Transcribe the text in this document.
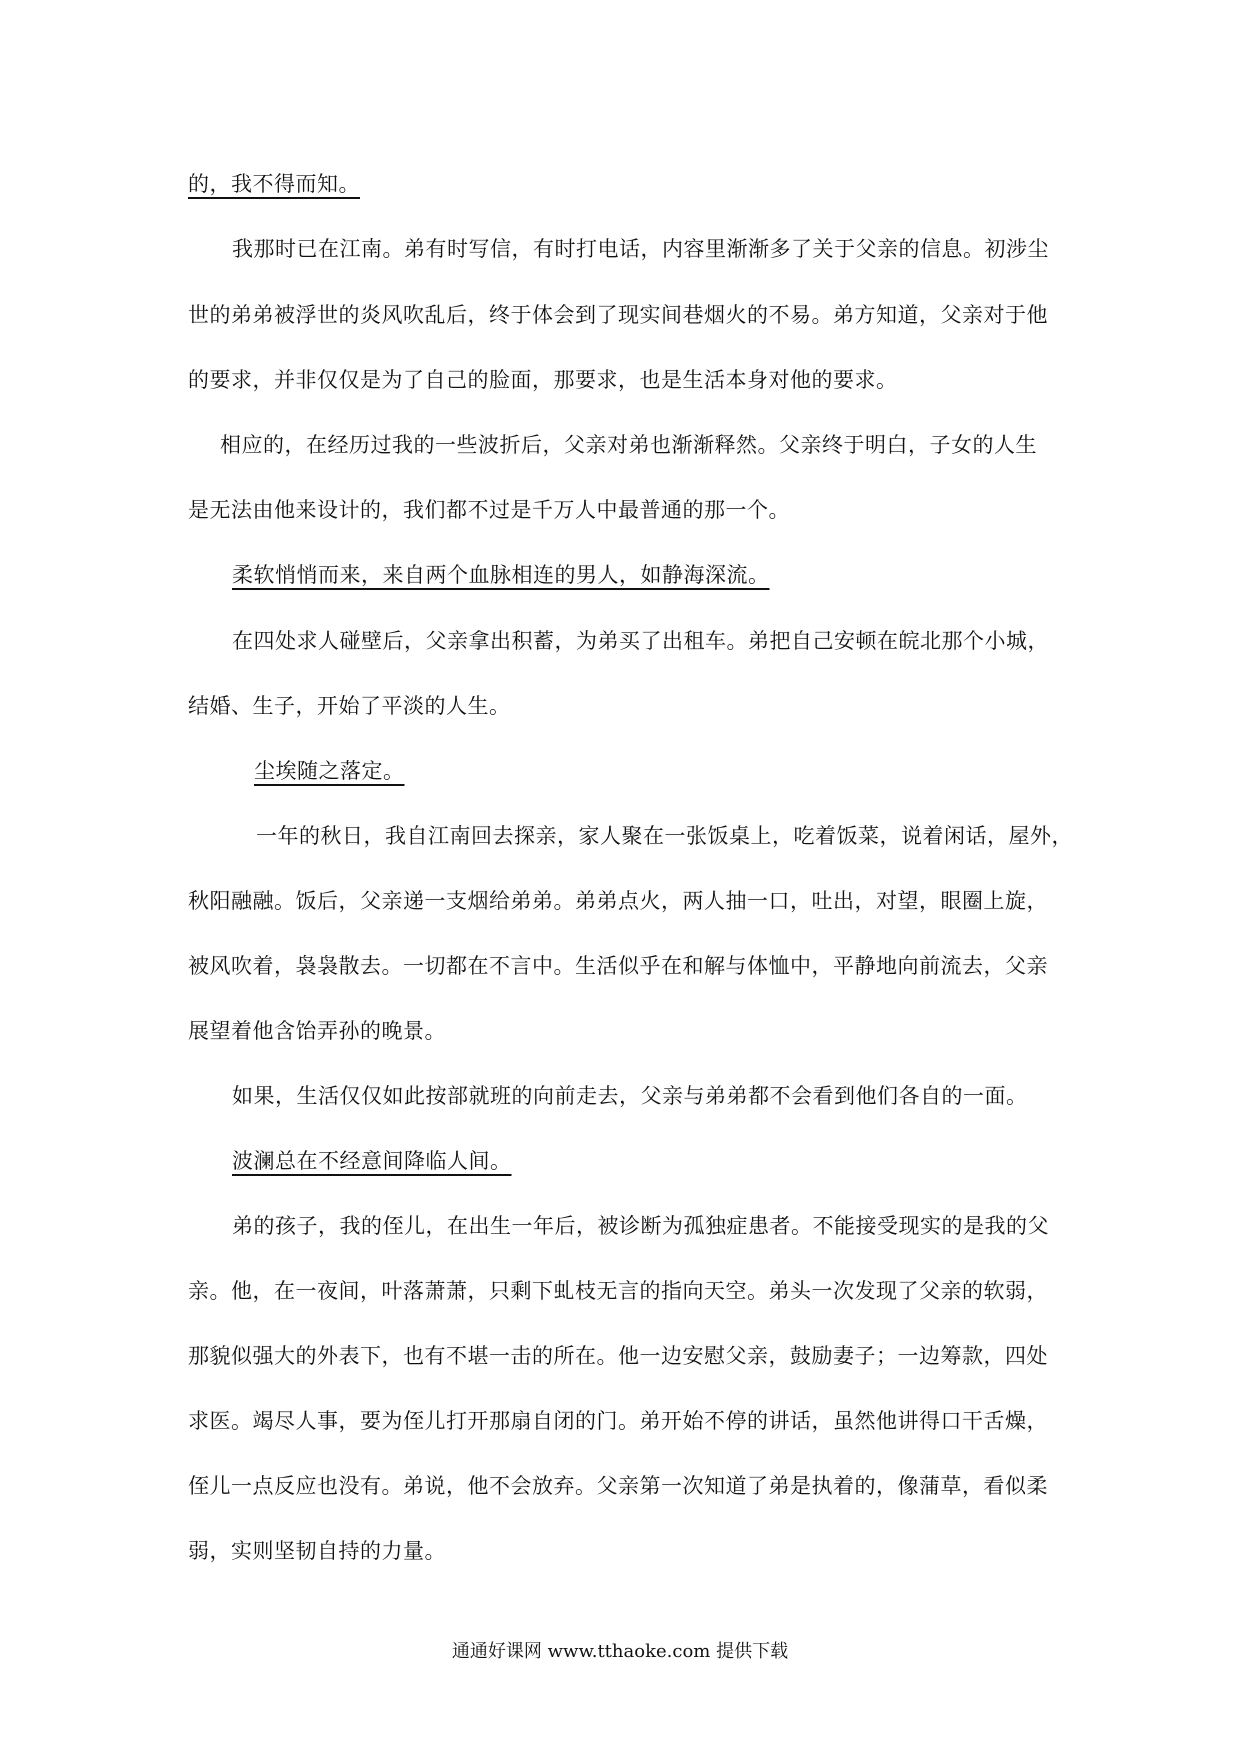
的，我不得而知。
我那时已在江南。弟有时写信，有时打电话，内容里渐渐多了关于父亲的信息。初涉尘
世的弟弟被浮世的炎风吹乱后，终于体会到了现实间巷烟火的不易。弟方知道，父亲对于他
的要求，并非仅仅是为了自己的脸面，那要求，也是生活本身对他的要求。
相应的，在经历过我的一些波折后，父亲对弟也渐渐释然。父亲终于明白，子女的人生
是无法由他来设计的，我们都不过是千万人中最普通的那一个。
柔软悄悄而来，来自两个血脉相连的男人，如静海深流。
在四处求人碰壁后，父亲拿出积蓄，为弟买了出租车。弟把自己安顿在皖北那个小城，
结婚、生子，开始了平淡的人生。
尘埃随之落定。
一年的秋日，我自江南回去探亲，家人聚在一张饭桌上，吃着饭菜，说着闲话，屋外，
秋阳融融。饭后，父亲递一支烟给弟弟。弟弟点火，两人抽一口，吐出，对望，眼圈上旋，
被风吹着，袅袅散去。一切都在不言中。生活似乎在和解与体恤中，平静地向前流去，父亲
展望着他含饴弄孙的晚景。
如果，生活仅仅如此按部就班的向前走去，父亲与弟弟都不会看到他们各自的一面。
波澜总在不经意间降临人间。
弟的孩子，我的侄儿，在出生一年后，被诊断为孤独症患者。不能接受现实的是我的父
亲。他，在一夜间，叶落萧萧，只剩下虬枝无言的指向天空。弟头一次发现了父亲的软弱，
那貌似强大的外表下，也有不堪一击的所在。他一边安慰父亲，鼓励妻子；一边筹款，四处
求医。竭尽人事，要为侄儿打开那扇自闭的门。弟开始不停的讲话，虽然他讲得口干舌燥，
侄儿一点反应也没有。弟说，他不会放弃。父亲第一次知道了弟是执着的，像蒲草，看似柔
弱，实则坚韧自持的力量。
通通好课网 www.tthaoke.com 提供下载
